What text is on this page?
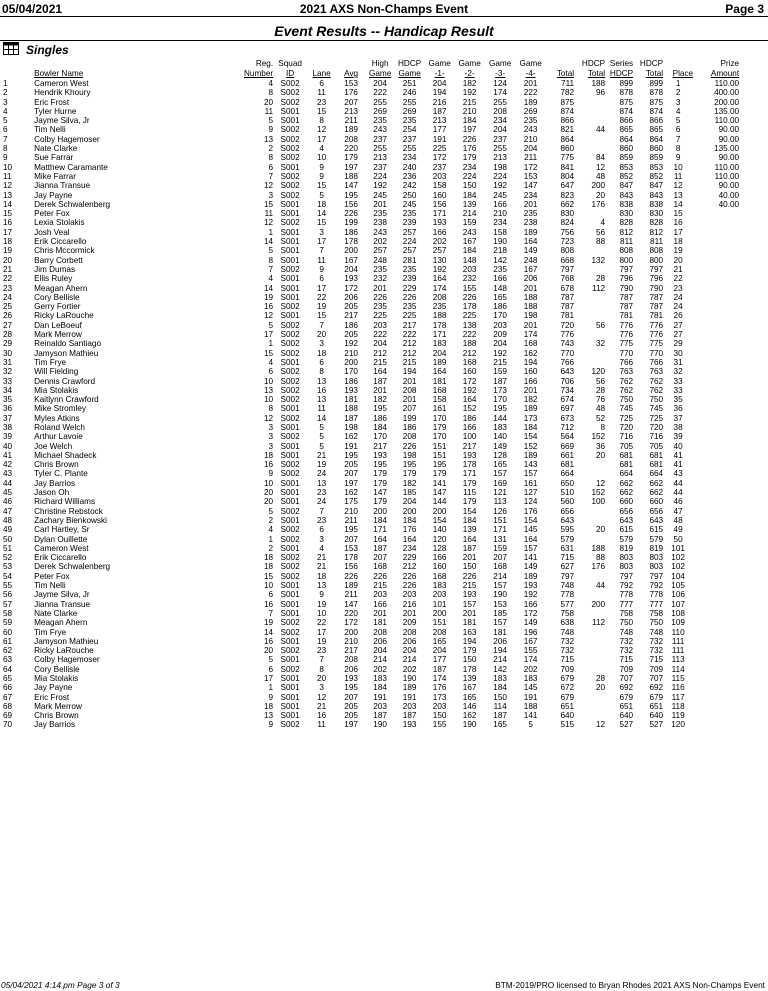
05/04/2021	2021 AXS Non-Champs Event	Page 3
Event Results -- Handicap Result
Singles
		Reg.	Squad			High	HDCP	Game	Game	Game	Game		HDCP	Series	HDCP		Prize
	Bowler Name	Number	ID	Lane	Avg	Game	Game	-1-	-2-	-3-	-4-	Total	Total	HDCP	Total	Place	Amount
1	Cameron West	4	S002	6	153	204	251	204	182	124	201	711	188	899	899	1	110.00
2	Hendrik Khoury	8	S002	11	176	222	246	194	192	174	222	782	96	878	878	2	400.00
3	Eric Frost	20	S002	23	207	255	255	216	215	255	189	875		875	875	3	200.00
4	Tyler Hurne	11	S001	15	213	269	269	187	210	208	269	874		874	874	4	135.00
5	Jayme Silva, Jr	5	S001	8	211	235	235	213	184	234	235	866		866	866	5	110.00
6	Tim Nelli	9	S002	12	189	243	254	177	197	204	243	821	44	865	865	6	90.00
7	Colby Hagemoser	13	S002	17	208	237	237	191	226	237	210	864		864	864	7	90.00
8	Nate Clarke	2	S002	4	220	255	255	225	176	255	204	860		860	860	8	135.00
9	Sue Farrar	8	S002	10	179	213	234	172	179	213	211	775	84	859	859	9	90.00
10	Matthew Caramante	6	S001	9	197	237	240	237	234	198	172	841	12	853	853	10	110.00
11	Mike Farrar	7	S002	9	188	224	236	203	224	224	153	804	48	852	852	11	110.00
12	Jianna Transue	12	S002	15	147	192	242	158	150	192	147	647	200	847	847	12	90.00
13	Jay Payne	3	S002	5	195	245	250	160	184	245	234	823	20	843	843	13	40.00
14	Derek Schwalenberg	15	S001	18	156	201	245	156	139	166	201	662	176	838	838	14	40.00
15	Peter Fox	11	S001	14	226	235	235	171	214	210	235	830		830	830	15	
16	Lexia Stolakis	12	S002	15	199	238	239	193	159	234	238	824	4	828	828	16	
17	Josh Veal	1	S001	3	186	243	257	166	243	158	189	756	56	812	812	17	
18	Erik Ciccarello	14	S001	17	178	202	224	202	167	190	164	723	88	811	811	18	
19	Chris Mccormick	5	S001	7	200	257	257	257	184	218	149	808		808	808	19	
20	Barry Corbett	8	S001	11	167	248	281	130	148	142	248	668	132	800	800	20	
21	Jim Dumas	7	S002	9	204	235	235	192	203	235	167	797		797	797	21	
22	Ellis Ruley	4	S001	6	193	232	239	164	232	166	206	768	28	796	796	22	
23	Meagan Ahern	14	S001	17	172	201	229	174	155	148	201	678	112	790	790	23	
24	Cory Bellisle	19	S001	22	206	226	226	208	226	165	188	787		787	787	24	
25	Gerry Fortier	16	S002	19	205	235	235	235	178	186	188	787		787	787	24	
26	Ricky LaRouche	12	S001	15	217	225	225	188	225	170	198	781		781	781	26	
27	Dan LeBoeuf	5	S002	7	186	203	217	178	138	203	201	720	56	776	776	27	
28	Mark Merrow	17	S002	20	205	222	222	171	222	209	174	776		776	776	27	
29	Reinaldo Santiago	1	S002	3	192	204	212	183	188	204	168	743	32	775	775	29	
30	Jamyson Mathieu	15	S002	18	210	212	212	204	212	192	162	770		770	770	30	
31	Tim Frye	4	S001	6	200	215	215	189	168	215	194	766		766	766	31	
32	Will Fielding	6	S002	8	170	164	194	164	160	159	160	643	120	763	763	32	
33	Dennis Crawford	10	S002	13	186	187	201	181	172	187	166	706	56	762	762	33	
34	Mia Stolakis	13	S002	16	193	201	208	168	192	173	201	734	28	762	762	33	
35	Kaitlynn Crawford	10	S002	13	181	182	201	158	164	170	182	674	76	750	750	35	
36	Mike Stromley	8	S001	11	188	195	207	161	152	195	189	697	48	745	745	36	
37	Myles Atkins	12	S002	14	187	186	199	170	186	144	173	673	52	725	725	37	
38	Roland Welch	3	S001	5	198	184	186	179	166	183	184	712	8	720	720	38	
39	Arthur Lavoie	3	S002	5	162	170	208	170	100	140	154	564	152	716	716	39	
40	Joe Welch	3	S001	5	191	217	226	151	217	149	152	669	36	705	705	40	
41	Michael Shadeck	18	S001	21	195	193	198	151	193	128	189	661	20	681	681	41	
42	Chris Brown	16	S002	19	205	195	195	195	178	165	143	681		681	681	41	
43	Tyler C. Plante	9	S002	24	207	179	179	179	171	157	157	664		664	664	43	
44	Jay Barrios	10	S001	13	197	179	182	141	179	169	161	650	12	662	662	44	
45	Jason Oh	20	S001	23	162	147	185	147	115	121	127	510	152	662	662	44	
46	Richard Williams	20	S001	24	175	179	204	144	179	113	124	560	100	660	660	46	
47	Christine Rebstock	5	S002	7	210	200	200	200	154	126	176	656		656	656	47	
48	Zachary Bienkowski	2	S001	23	211	184	184	154	184	151	154	643		643	643	48	
49	Carl Hartley, Sr	4	S002	6	195	171	176	140	139	171	145	595	20	615	615	49	
50	Dylan Ouillette	1	S002	3	207	164	164	120	164	131	164	579		579	579	50	
51	Cameron West	2	S001	4	153	187	234	128	187	159	157	631	188	819	819	101	
52	Erik Ciccarello	18	S002	21	178	207	229	166	201	207	141	715	88	803	803	102	
53	Derek Schwalenberg	18	S002	21	156	168	212	160	150	168	149	627	176	803	803	102	
54	Peter Fox	15	S002	18	226	226	226	168	226	214	189	797		797	797	104	
55	Tim Nelli	10	S001	13	189	215	226	183	215	157	193	748	44	792	792	105	
56	Jayme Silva, Jr	6	S001	9	211	203	203	203	193	190	192	778		778	778	106	
57	Jianna Transue	16	S001	19	147	166	216	101	157	153	166	577	200	777	777	107	
58	Nate Clarke	7	S001	10	220	201	201	200	201	185	172	758		758	758	108	
59	Meagan Ahern	19	S002	22	172	181	209	151	181	157	149	638	112	750	750	109	
60	Tim Frye	14	S002	17	200	208	208	208	163	181	196	748		748	748	110	
61	Jamyson Mathieu	16	S001	19	210	206	206	165	194	206	167	732		732	732	111	
62	Ricky LaRouche	20	S002	23	217	204	204	204	179	194	155	732		732	732	111	
63	Colby Hagemoser	5	S001	7	208	214	214	177	150	214	174	715		715	715	113	
64	Cory Bellisle	6	S002	8	206	202	202	187	178	142	202	709		709	709	114	
65	Mia Stolakis	17	S001	20	193	183	190	174	139	183	183	679	28	707	707	115	
66	Jay Payne	1	S001	3	195	184	189	176	167	184	145	672	20	692	692	116	
67	Eric Frost	9	S001	12	207	191	191	173	165	150	191	679		679	679	117	
68	Mark Merrow	18	S001	21	205	203	203	203	146	114	188	651		651	651	118	
69	Chris Brown	13	S001	16	205	187	187	150	162	187	141	640		640	640	119	
70	Jay Barrios	9	S002	11	197	190	193	155	190	165	5	515	12	527	527	120	
05/04/2021 4:14 pm Page 3 of 3	BTM-2019/PRO licensed to Bryan Rhodes 2021 AXS Non-Champs Event
